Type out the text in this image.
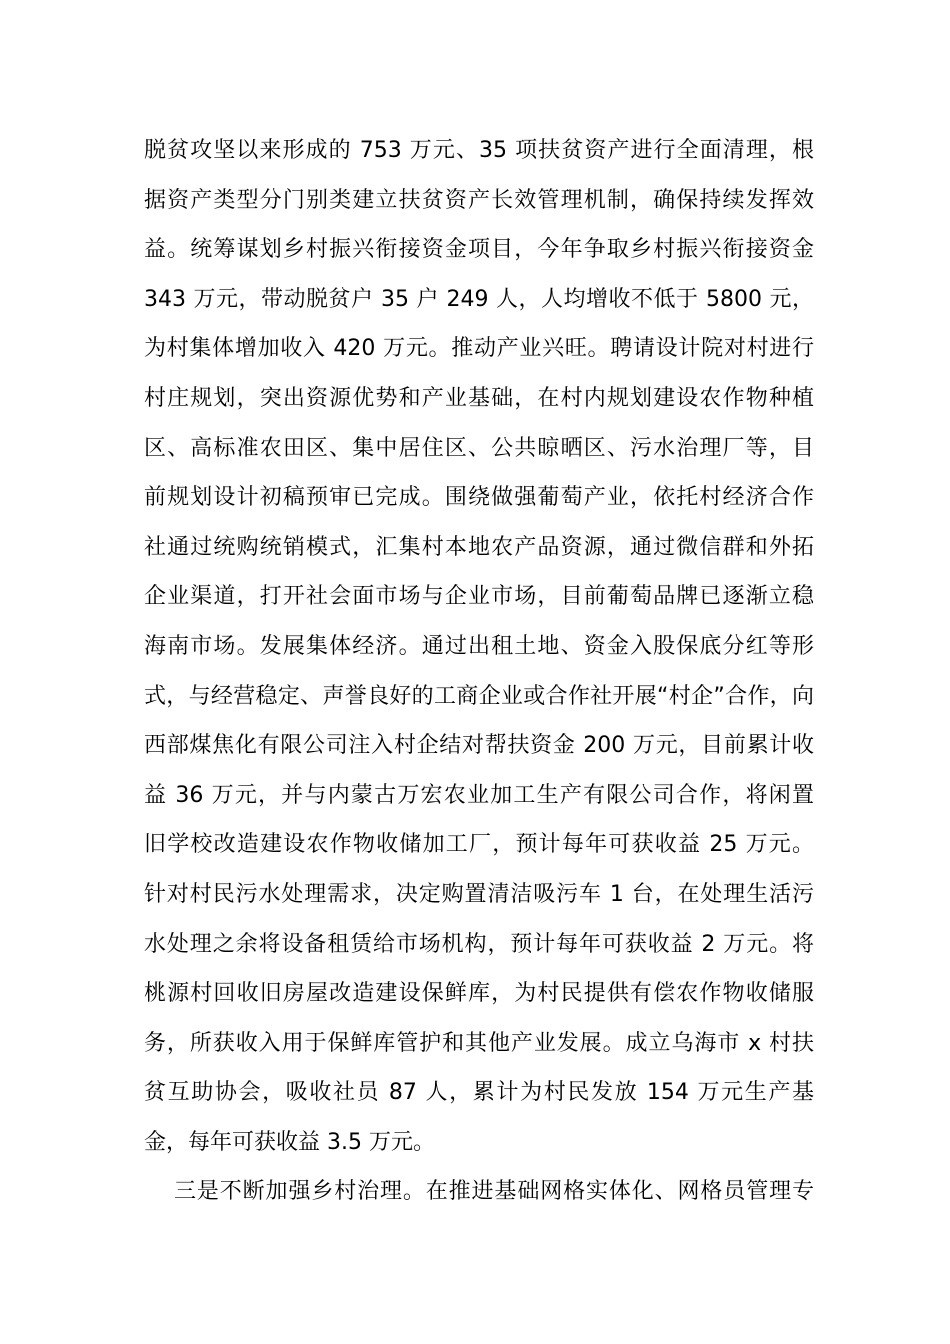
脱贫攻坚以来形成的 753 万元、35 项扶贫资产进行全面清理，根
据资产类型分门别类建立扶贫资产长效管理机制，确保持续发挥效
益。统筹谋划乡村振兴衔接资金项目，今年争取乡村振兴衔接资金
343 万元，带动脱贫户 35 户 249 人，人均增收不低于 5800 元，
为村集体增加收入 420 万元。推动产业兴旺。聘请设计院对村进行
村庄规划，突出资源优势和产业基础，在村内规划建设农作物种植
区、高标准农田区、集中居住区、公共晾晒区、污水治理厂等，目
前规划设计初稿预审已完成。围绕做强葡萄产业，依托村经济合作
社通过统购统销模式，汇集村本地农产品资源，通过微信群和外拓
企业渠道，打开社会面市场与企业市场，目前葡萄品牌已逐渐立稳
海南市场。发展集体经济。通过出租土地、资金入股保底分红等形
式，与经营稳定、声誉良好的工商企业或合作社开展“村企”合作，向
西部煤焦化有限公司注入村企结对帮扶资金 200 万元，目前累计收
益 36 万元，并与内蒙古万宏农业加工生产有限公司合作，将闲置
旧学校改造建设农作物收储加工厂，预计每年可获收益 25 万元。
针对村民污水处理需求，决定购置清洁吸污车 1 台，在处理生活污
水处理之余将设备租赁给市场机构，预计每年可获收益 2 万元。将
桃源村回收旧房屋改造建设保鲜库，为村民提供有偿农作物收储服
务，所获收入用于保鲜库管护和其他产业发展。成立乌海市 x 村扶
贫互助协会，吸收社员 87 人，累计为村民发放 154 万元生产基
金，每年可获收益 3.5 万元。
三是不断加强乡村治理。在推进基础网格实体化、网格员管理专
